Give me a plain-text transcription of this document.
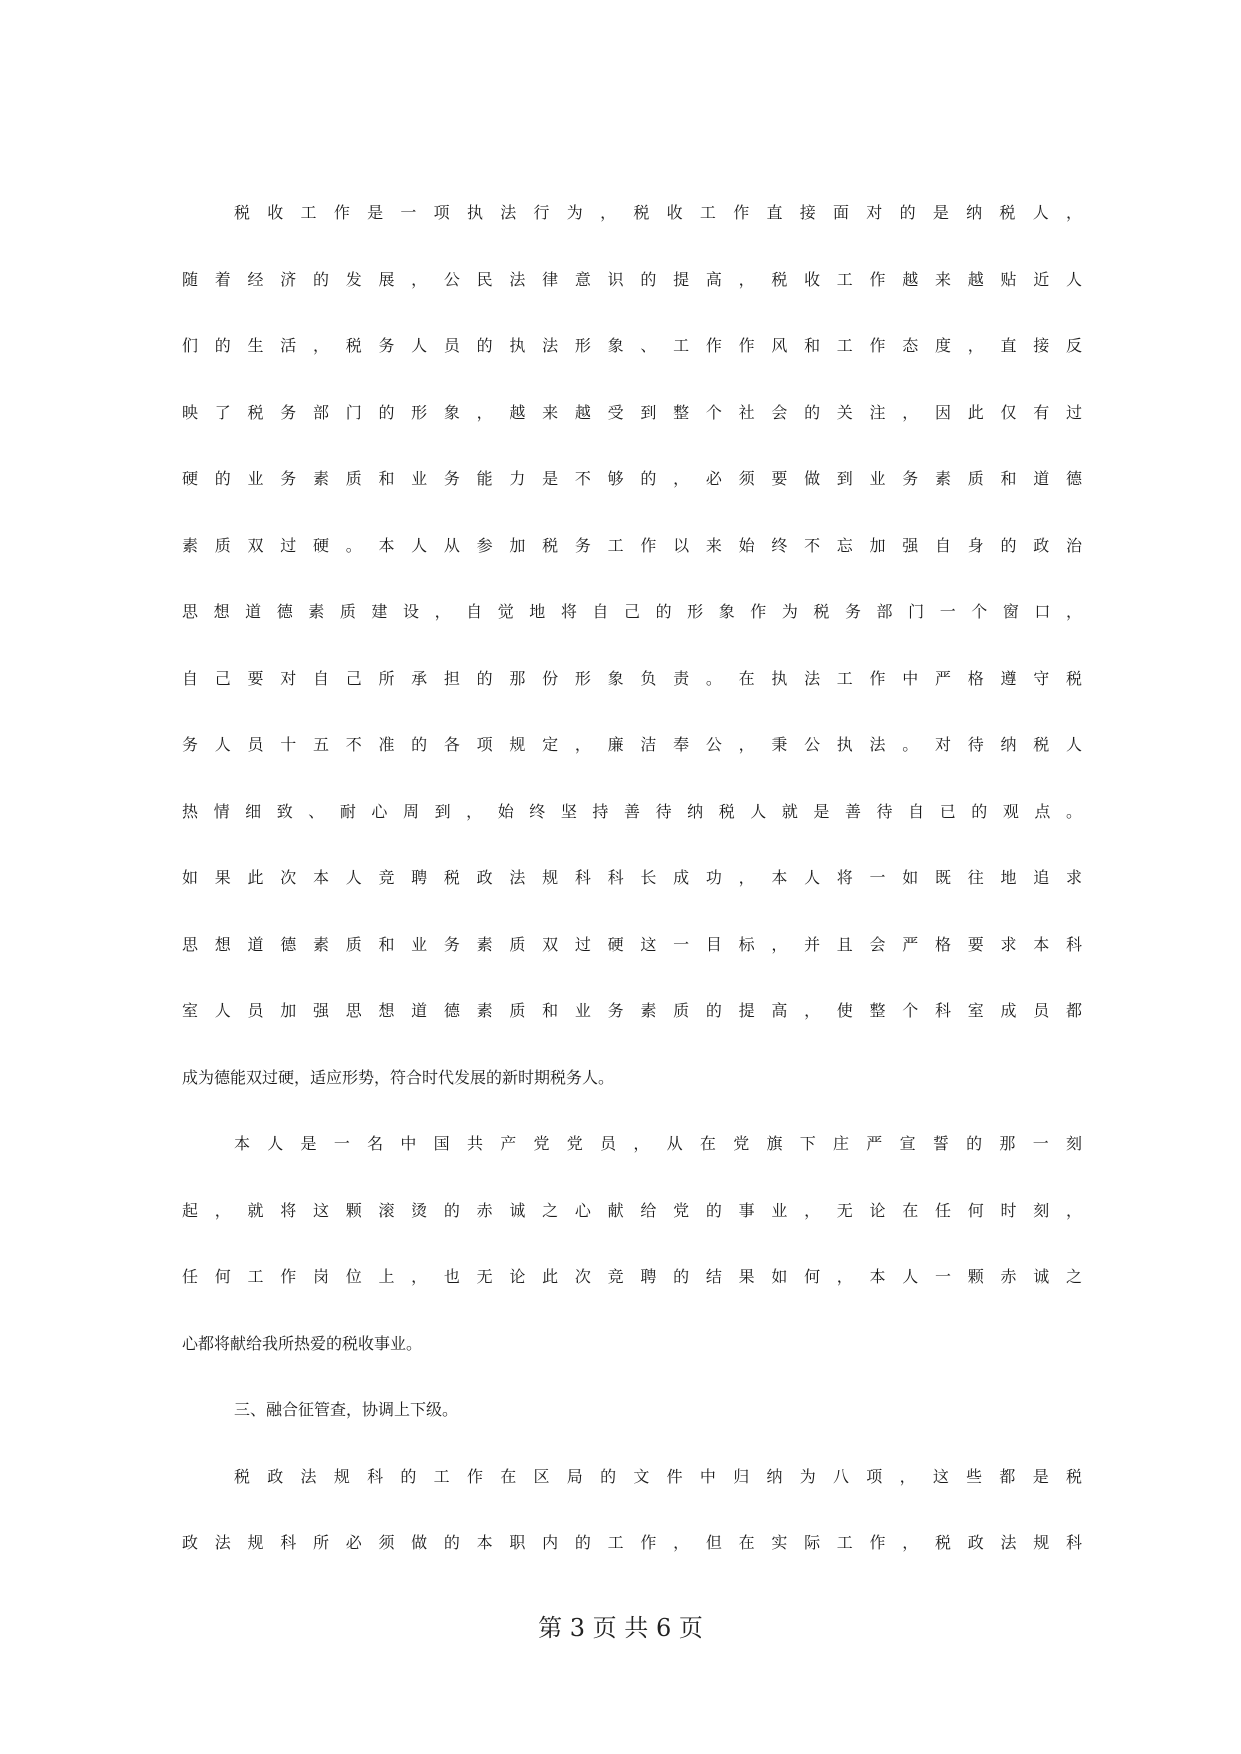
税收工作是一项执法行为，税收工作直接面对的是纳税人，
随着经济的发展，公民法律意识的提高，税收工作越来越贴近人
们的生活，税务人员的执法形象、工作作风和工作态度，直接反
映了税务部门的形象，越来越受到整个社会的关注，因此仅有过
硬的业务素质和业务能力是不够的，必须要做到业务素质和道德
素质双过硬。本人从参加税务工作以来始终不忘加强自身的政治
思想道德素质建设，自觉地将自己的形象作为税务部门一个窗口，
自己要对自己所承担的那份形象负责。在执法工作中严格遵守税
务人员十五不准的各项规定，廉洁奉公，秉公执法。对待纳税人
热情细致、耐心周到，始终坚持善待纳税人就是善待自已的观点。
如果此次本人竞聘税政法规科科长成功，本人将一如既往地追求
思想道德素质和业务素质双过硬这一目标，并且会严格要求本科
室人员加强思想道德素质和业务素质的提高，使整个科室成员都
成为德能双过硬，适应形势，符合时代发展的新时期税务人。
本人是一名中国共产党党员，从在党旗下庄严宣誓的那一刻
起，就将这颗滚烫的赤诚之心献给党的事业，无论在任何时刻，
任何工作岗位上，也无论此次竞聘的结果如何，本人一颗赤诚之
心都将献给我所热爱的税收事业。
三、融合征管查，协调上下级。
税政法规科的工作在区局的文件中归纳为八项，这些都是税
政法规科所必须做的本职内的工作，但在实际工作，税政法规科
第 3 页 共 6 页
